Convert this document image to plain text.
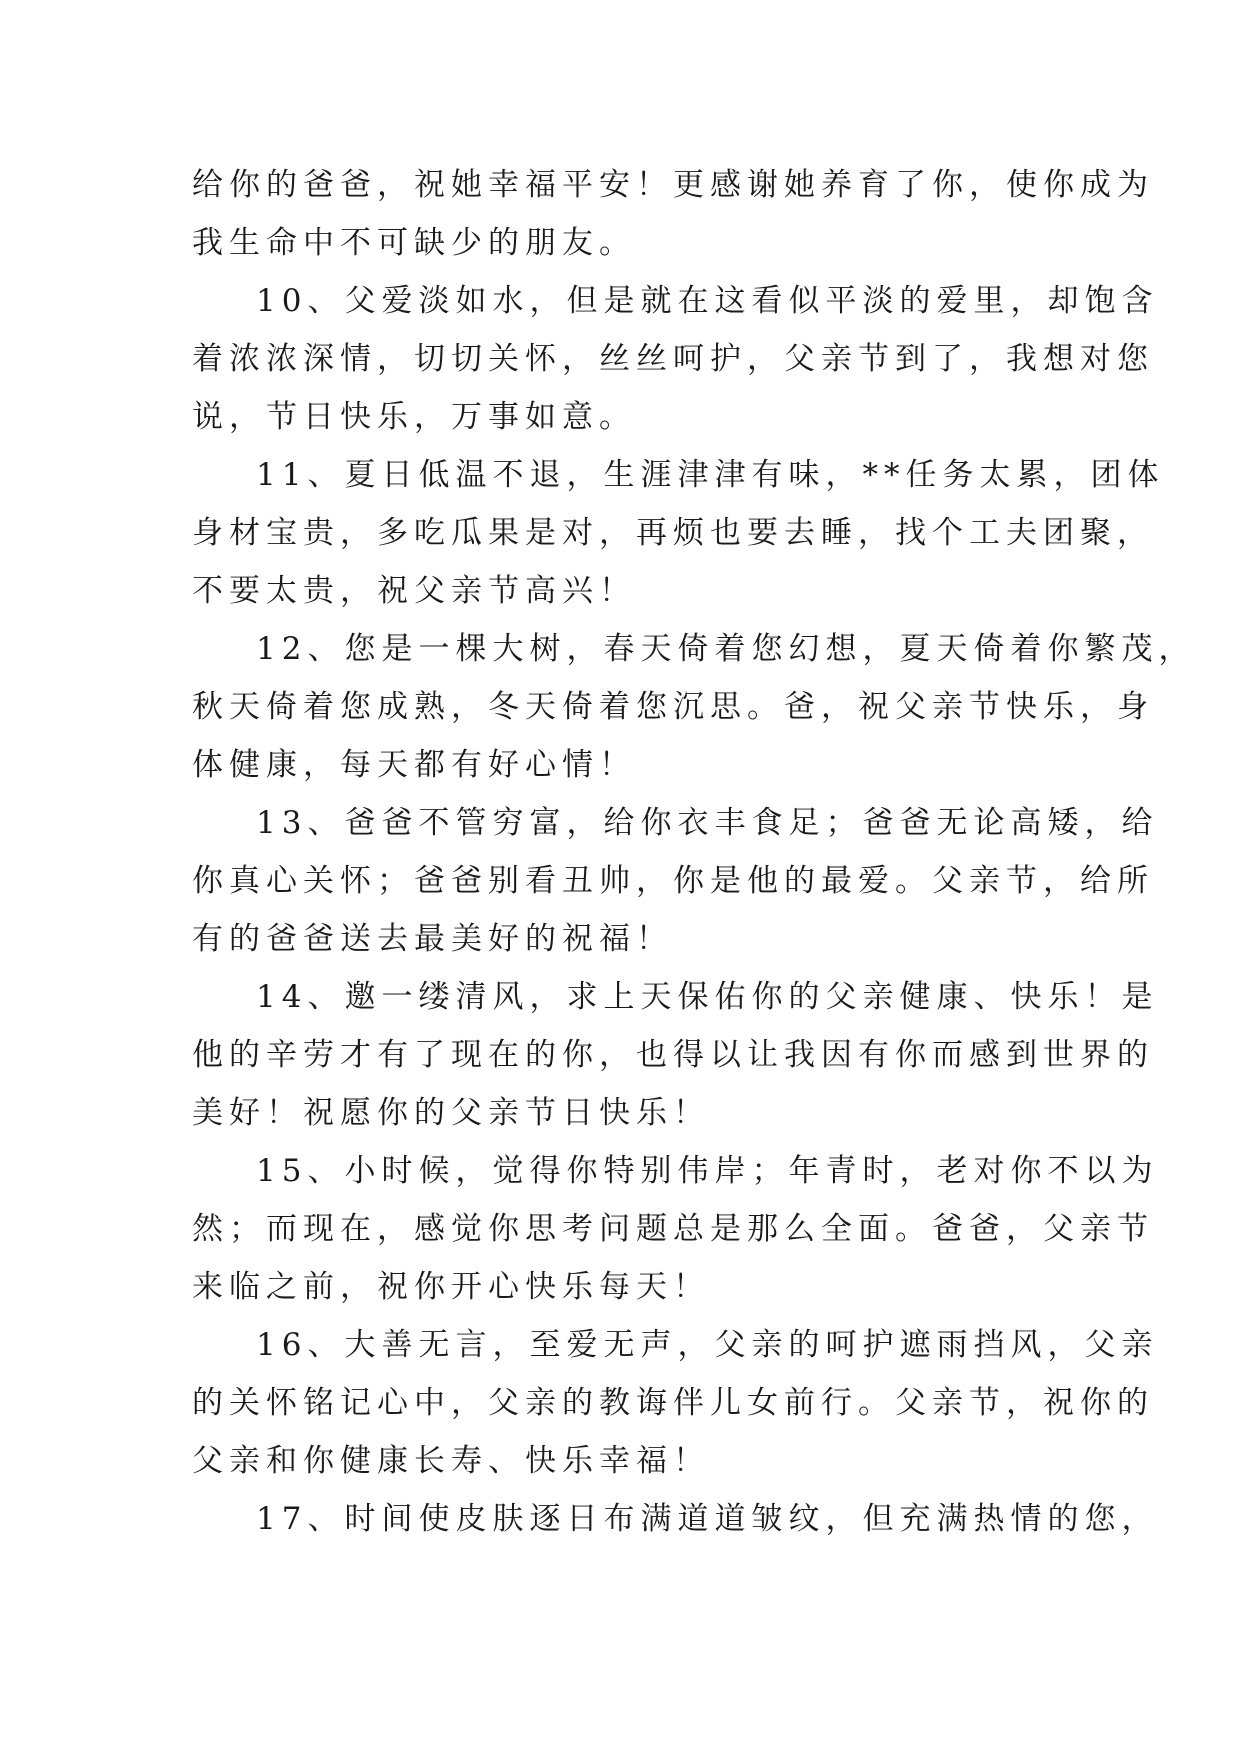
给你的爸爸，祝她幸福平安！更感谢她养育了你，使你成为
我生命中不可缺少的朋友。
10、父爱淡如水，但是就在这看似平淡的爱里，却饱含
着浓浓深情，切切关怀，丝丝呵护，父亲节到了，我想对您
说，节日快乐，万事如意。
11、夏日低温不退，生涯津津有味，**任务太累，团体
身材宝贵，多吃瓜果是对，再烦也要去睡，找个工夫团聚，
不要太贵，祝父亲节高兴！
12、您是一棵大树，春天倚着您幻想，夏天倚着你繁茂，
秋天倚着您成熟，冬天倚着您沉思。爸，祝父亲节快乐，身
体健康，每天都有好心情！
13、爸爸不管穷富，给你衣丰食足；爸爸无论高矮，给
你真心关怀；爸爸别看丑帅，你是他的最爱。父亲节，给所
有的爸爸送去最美好的祝福！
14、邀一缕清风，求上天保佑你的父亲健康、快乐！是
他的辛劳才有了现在的你，也得以让我因有你而感到世界的
美好！祝愿你的父亲节日快乐！
15、小时候，觉得你特别伟岸；年青时，老对你不以为
然；而现在，感觉你思考问题总是那么全面。爸爸，父亲节
来临之前，祝你开心快乐每天！
16、大善无言，至爱无声，父亲的呵护遮雨挡风，父亲
的关怀铭记心中，父亲的教诲伴儿女前行。父亲节，祝你的
父亲和你健康长寿、快乐幸福！
17、时间使皮肤逐日布满道道皱纹，但充满热情的您，
